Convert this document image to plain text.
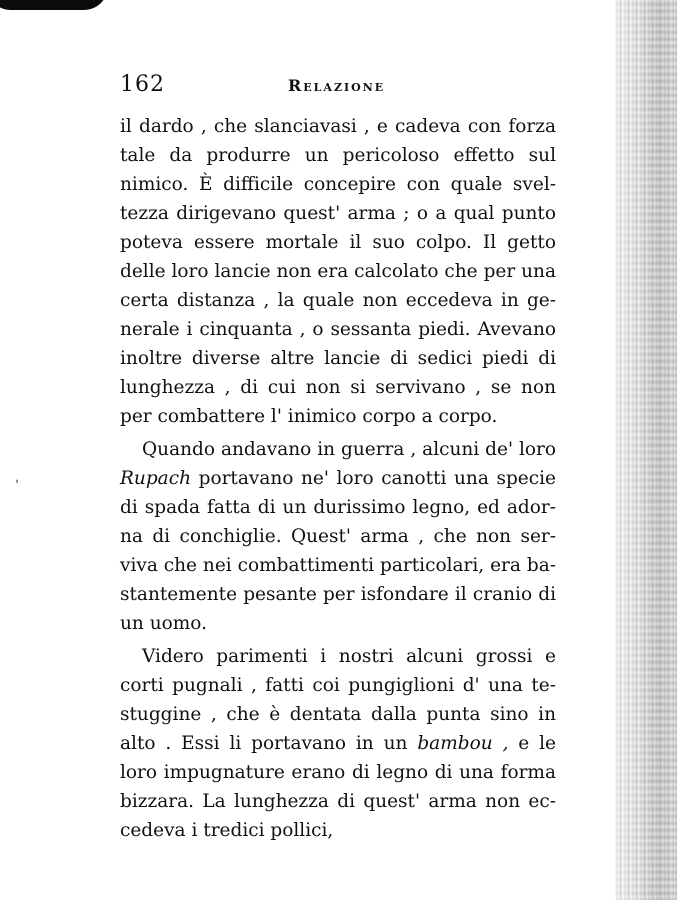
ʼ
162	Relazione
il dardo , che slanciavasi , e cadeva con forza
tale da produrre un pericoloso effetto sul
nimico. È difficile concepire con quale svel-
tezza dirigevano quest' arma ; o a qual punto
poteva essere mortale il suo colpo. Il getto
delle loro lancie non era calcolato che per una
certa distanza , la quale non eccedeva in ge-
nerale i cinquanta , o sessanta piedi. Avevano
inoltre diverse altre lancie di sedici piedi di
lunghezza , di cui non si servivano , se non
per combattere l' inimico corpo a corpo.
Quando andavano in guerra , alcuni de' loro
Rupach portavano ne' loro canotti una specie
di spada fatta di un durissimo legno, ed ador-
na di conchiglie. Quest' arma , che non ser-
viva che nei combattimenti particolari, era ba-
stantemente pesante per isfondare il cranio di
un uomo.
Videro parimenti i nostri alcuni grossi e
corti pugnali , fatti coi pungiglioni d' una te-
stuggine , che è dentata dalla punta sino in
alto . Essi li portavano in un bambou , e le
loro impugnature erano di legno di una forma
bizzara. La lunghezza di quest' arma non ec-
cedeva i tredici pollici,
